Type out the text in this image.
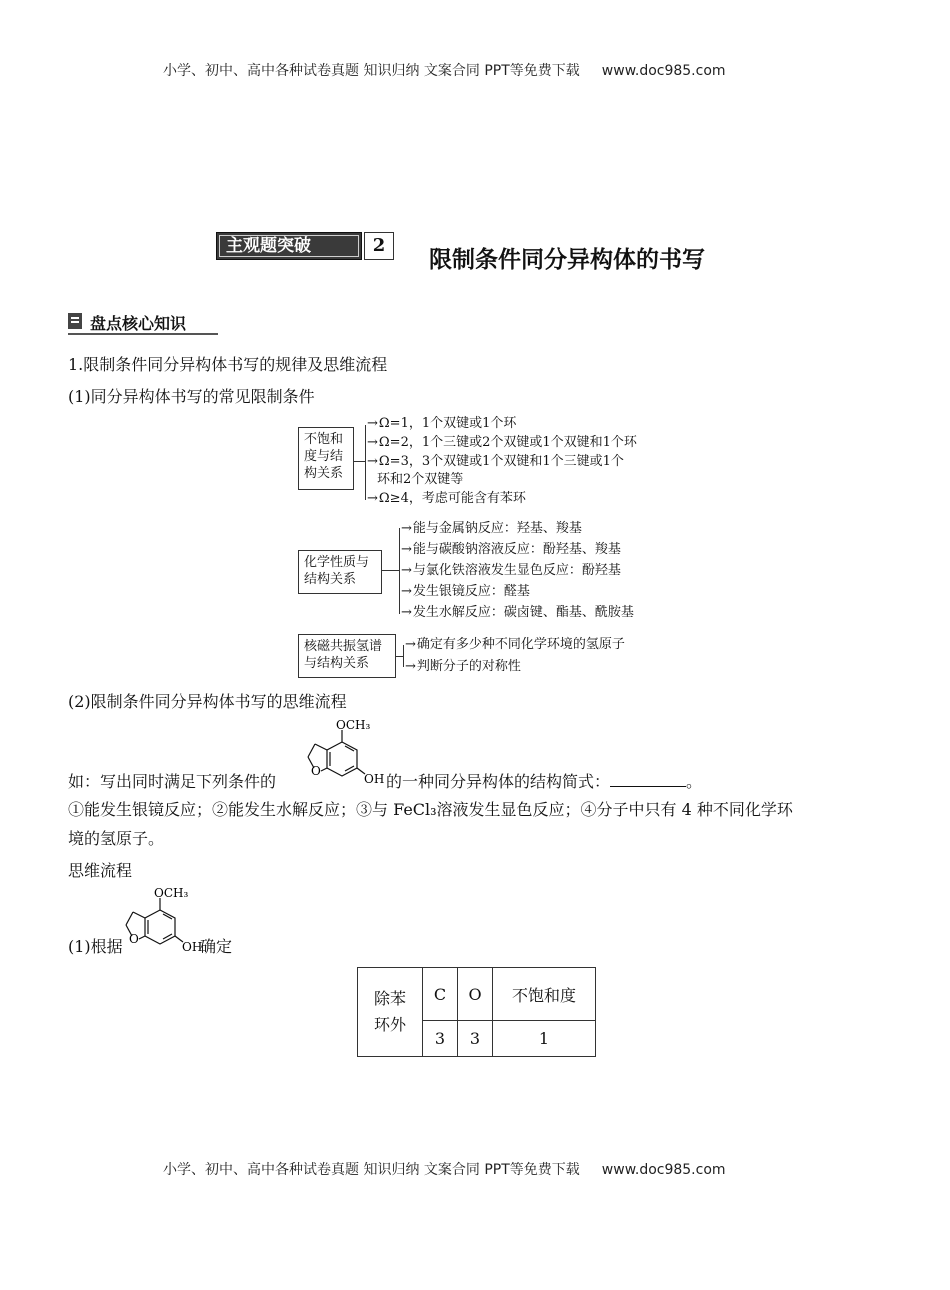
小学、初中、高中各种试卷真题 知识归纳 文案合同 PPT等免费下载 www.doc985.com
主观题突破	2
限制条件同分异构体的书写
盘点核心知识
1.限制条件同分异构体书写的规律及思维流程
(1)同分异构体书写的常见限制条件
不饱和度与结构关系
→ Ω=1，1个双键或1个环
→ Ω=2，1个三键或2个双键或1个双键和1个环
→ Ω=3，3个双键或1个双键和1个三键或1个
环和2个双键等
→ Ω≥4，考虑可能含有苯环
化学性质与结构关系
→ 能与金属钠反应：羟基、羧基
→ 能与碳酸钠溶液反应：酚羟基、羧基
→ 与氯化铁溶液发生显色反应：酚羟基
→ 发生银镜反应：醛基
→ 发生水解反应：碳卤键、酯基、酰胺基
核磁共振氢谱与结构关系
→ 确定有多少种不同化学环境的氢原子
→ 判断分子的对称性
(2)限制条件同分异构体书写的思维流程
OCH₃
O
OH
如：写出同时满足下列条件的	的一种同分异构体的结构简式：	。
①能发生银镜反应；②能发生水解反应；③与 FeCl₃溶液发生显色反应；④分子中只有 4 种不同化学环
境的氢原子。
思维流程
OCH₃
O
OH
(1)根据	确定
除苯环外	C	O	不饱和度
	3	3	1
小学、初中、高中各种试卷真题 知识归纳 文案合同 PPT等免费下载 www.doc985.com
